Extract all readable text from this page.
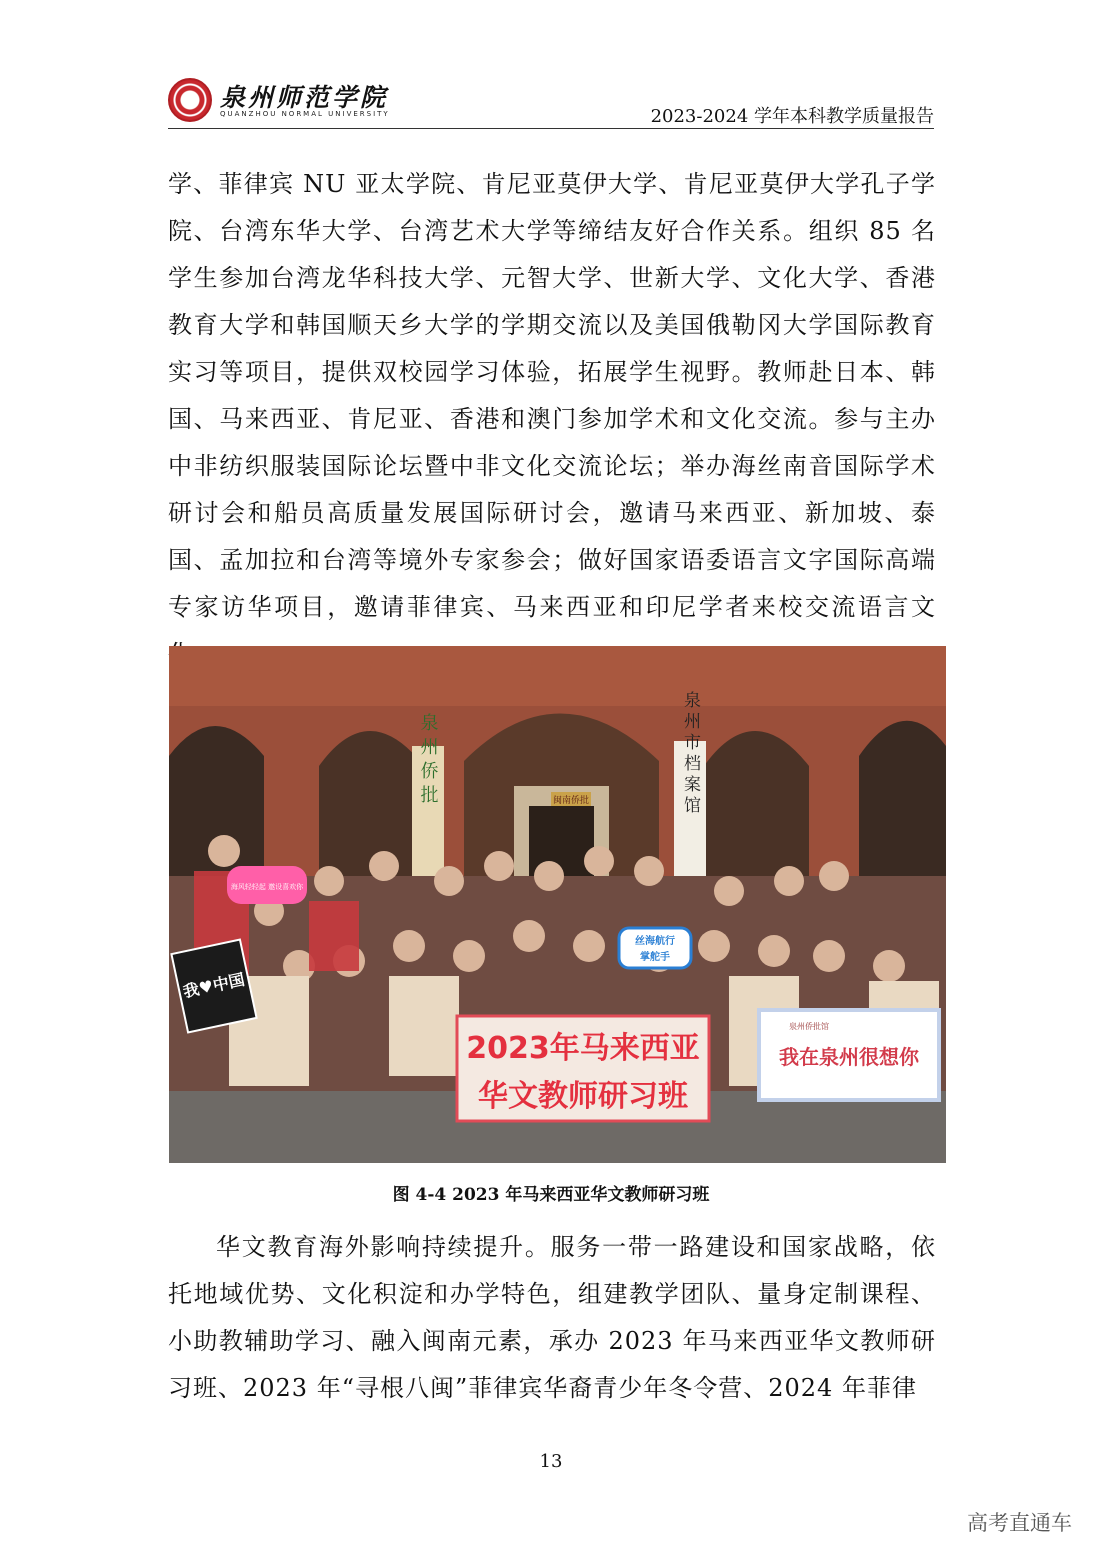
泉州师范学院
QUANZHOU NORMAL UNIVERSITY	2023-2024 学年本科教学质量报告

学、菲律宾 NU 亚太学院、肯尼亚莫伊大学、肯尼亚莫伊大学孔子学院、台湾东华大学、台湾艺术大学等缔结友好合作关系。组织 85 名学生参加台湾龙华科技大学、元智大学、世新大学、文化大学、香港教育大学和韩国顺天乡大学的学期交流以及美国俄勒冈大学国际教育实习等项目，提供双校园学习体验，拓展学生视野。教师赴日本、韩国、马来西亚、肯尼亚、香港和澳门参加学术和文化交流。参与主办中非纺织服装国际论坛暨中非文化交流论坛；举办海丝南音国际学术研讨会和船员高质量发展国际研讨会，邀请马来西亚、新加坡、泰国、孟加拉和台湾等境外专家参会；做好国家语委语言文字国际高端专家访华项目，邀请菲律宾、马来西亚和印尼学者来校交流语言文

泉州侨批	泉州市档案馆
闽南侨批
我♥中国
海风轻轻起 邀设喜欢你
丝海航行
掌舵手
2023年马来西亚
华文教师研习班
泉州侨批馆
我在泉州很想你
图 4-4 2023 年马来西亚华文教师研习班

华文教育海外影响持续提升。服务一带一路建设和国家战略，依托地域优势、文化积淀和办学特色，组建教学团队、量身定制课程、小助教辅助学习、融入闽南元素，承办 2023 年马来西亚华文教师研习班、2023 年“寻根八闽”菲律宾华裔青少年冬令营、2024 年菲律

13
高考直通车
